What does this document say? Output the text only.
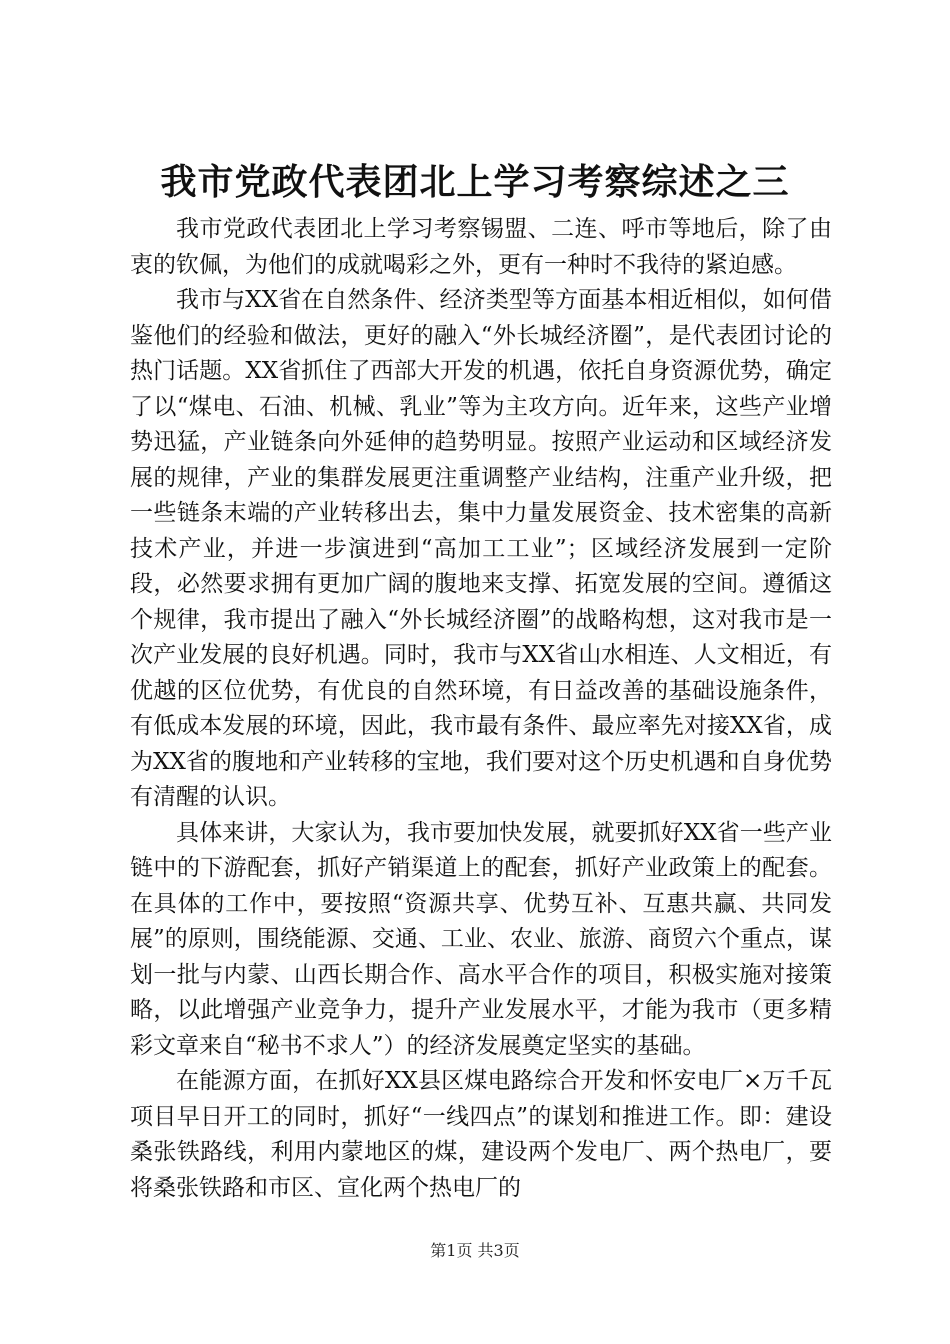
我市党政代表团北上学习考察综述之三

我市党政代表团北上学习考察锡盟、二连、呼市等地后，除了由衷的钦佩，为他们的成就喝彩之外，更有一种时不我待的紧迫感。

我市与XX省在自然条件、经济类型等方面基本相近相似，如何借鉴他们的经验和做法，更好的融入“外长城经济圈”，是代表团讨论的热门话题。XX省抓住了西部大开发的机遇，依托自身资源优势，确定了以“煤电、石油、机械、乳业”等为主攻方向。近年来，这些产业增势迅猛，产业链条向外延伸的趋势明显。按照产业运动和区域经济发展的规律，产业的集群发展更注重调整产业结构，注重产业升级，把一些链条末端的产业转移出去，集中力量发展资金、技术密集的高新技术产业，并进一步演进到“高加工工业”；区域经济发展到一定阶段，必然要求拥有更加广阔的腹地来支撑、拓宽发展的空间。遵循这个规律，我市提出了融入“外长城经济圈”的战略构想，这对我市是一次产业发展的良好机遇。同时，我市与XX省山水相连、人文相近，有优越的区位优势，有优良的自然环境，有日益改善的基础设施条件，有低成本发展的环境，因此，我市最有条件、最应率先对接XX省，成为XX省的腹地和产业转移的宝地，我们要对这个历史机遇和自身优势有清醒的认识。

具体来讲，大家认为，我市要加快发展，就要抓好XX省一些产业链中的下游配套，抓好产销渠道上的配套，抓好产业政策上的配套。在具体的工作中，要按照“资源共享、优势互补、互惠共赢、共同发展”的原则，围绕能源、交通、工业、农业、旅游、商贸六个重点，谋划一批与内蒙、山西长期合作、高水平合作的项目，积极实施对接策略，以此增强产业竞争力，提升产业发展水平，才能为我市（更多精彩文章来自“秘书不求人”）的经济发展奠定坚实的基础。

在能源方面，在抓好XX县区煤电路综合开发和怀安电厂×万千瓦项目早日开工的同时，抓好“一线四点”的谋划和推进工作。即：建设桑张铁路线，利用内蒙地区的煤，建设两个发电厂、两个热电厂，要将桑张铁路和市区、宣化两个热电厂的

第1页 共3页
